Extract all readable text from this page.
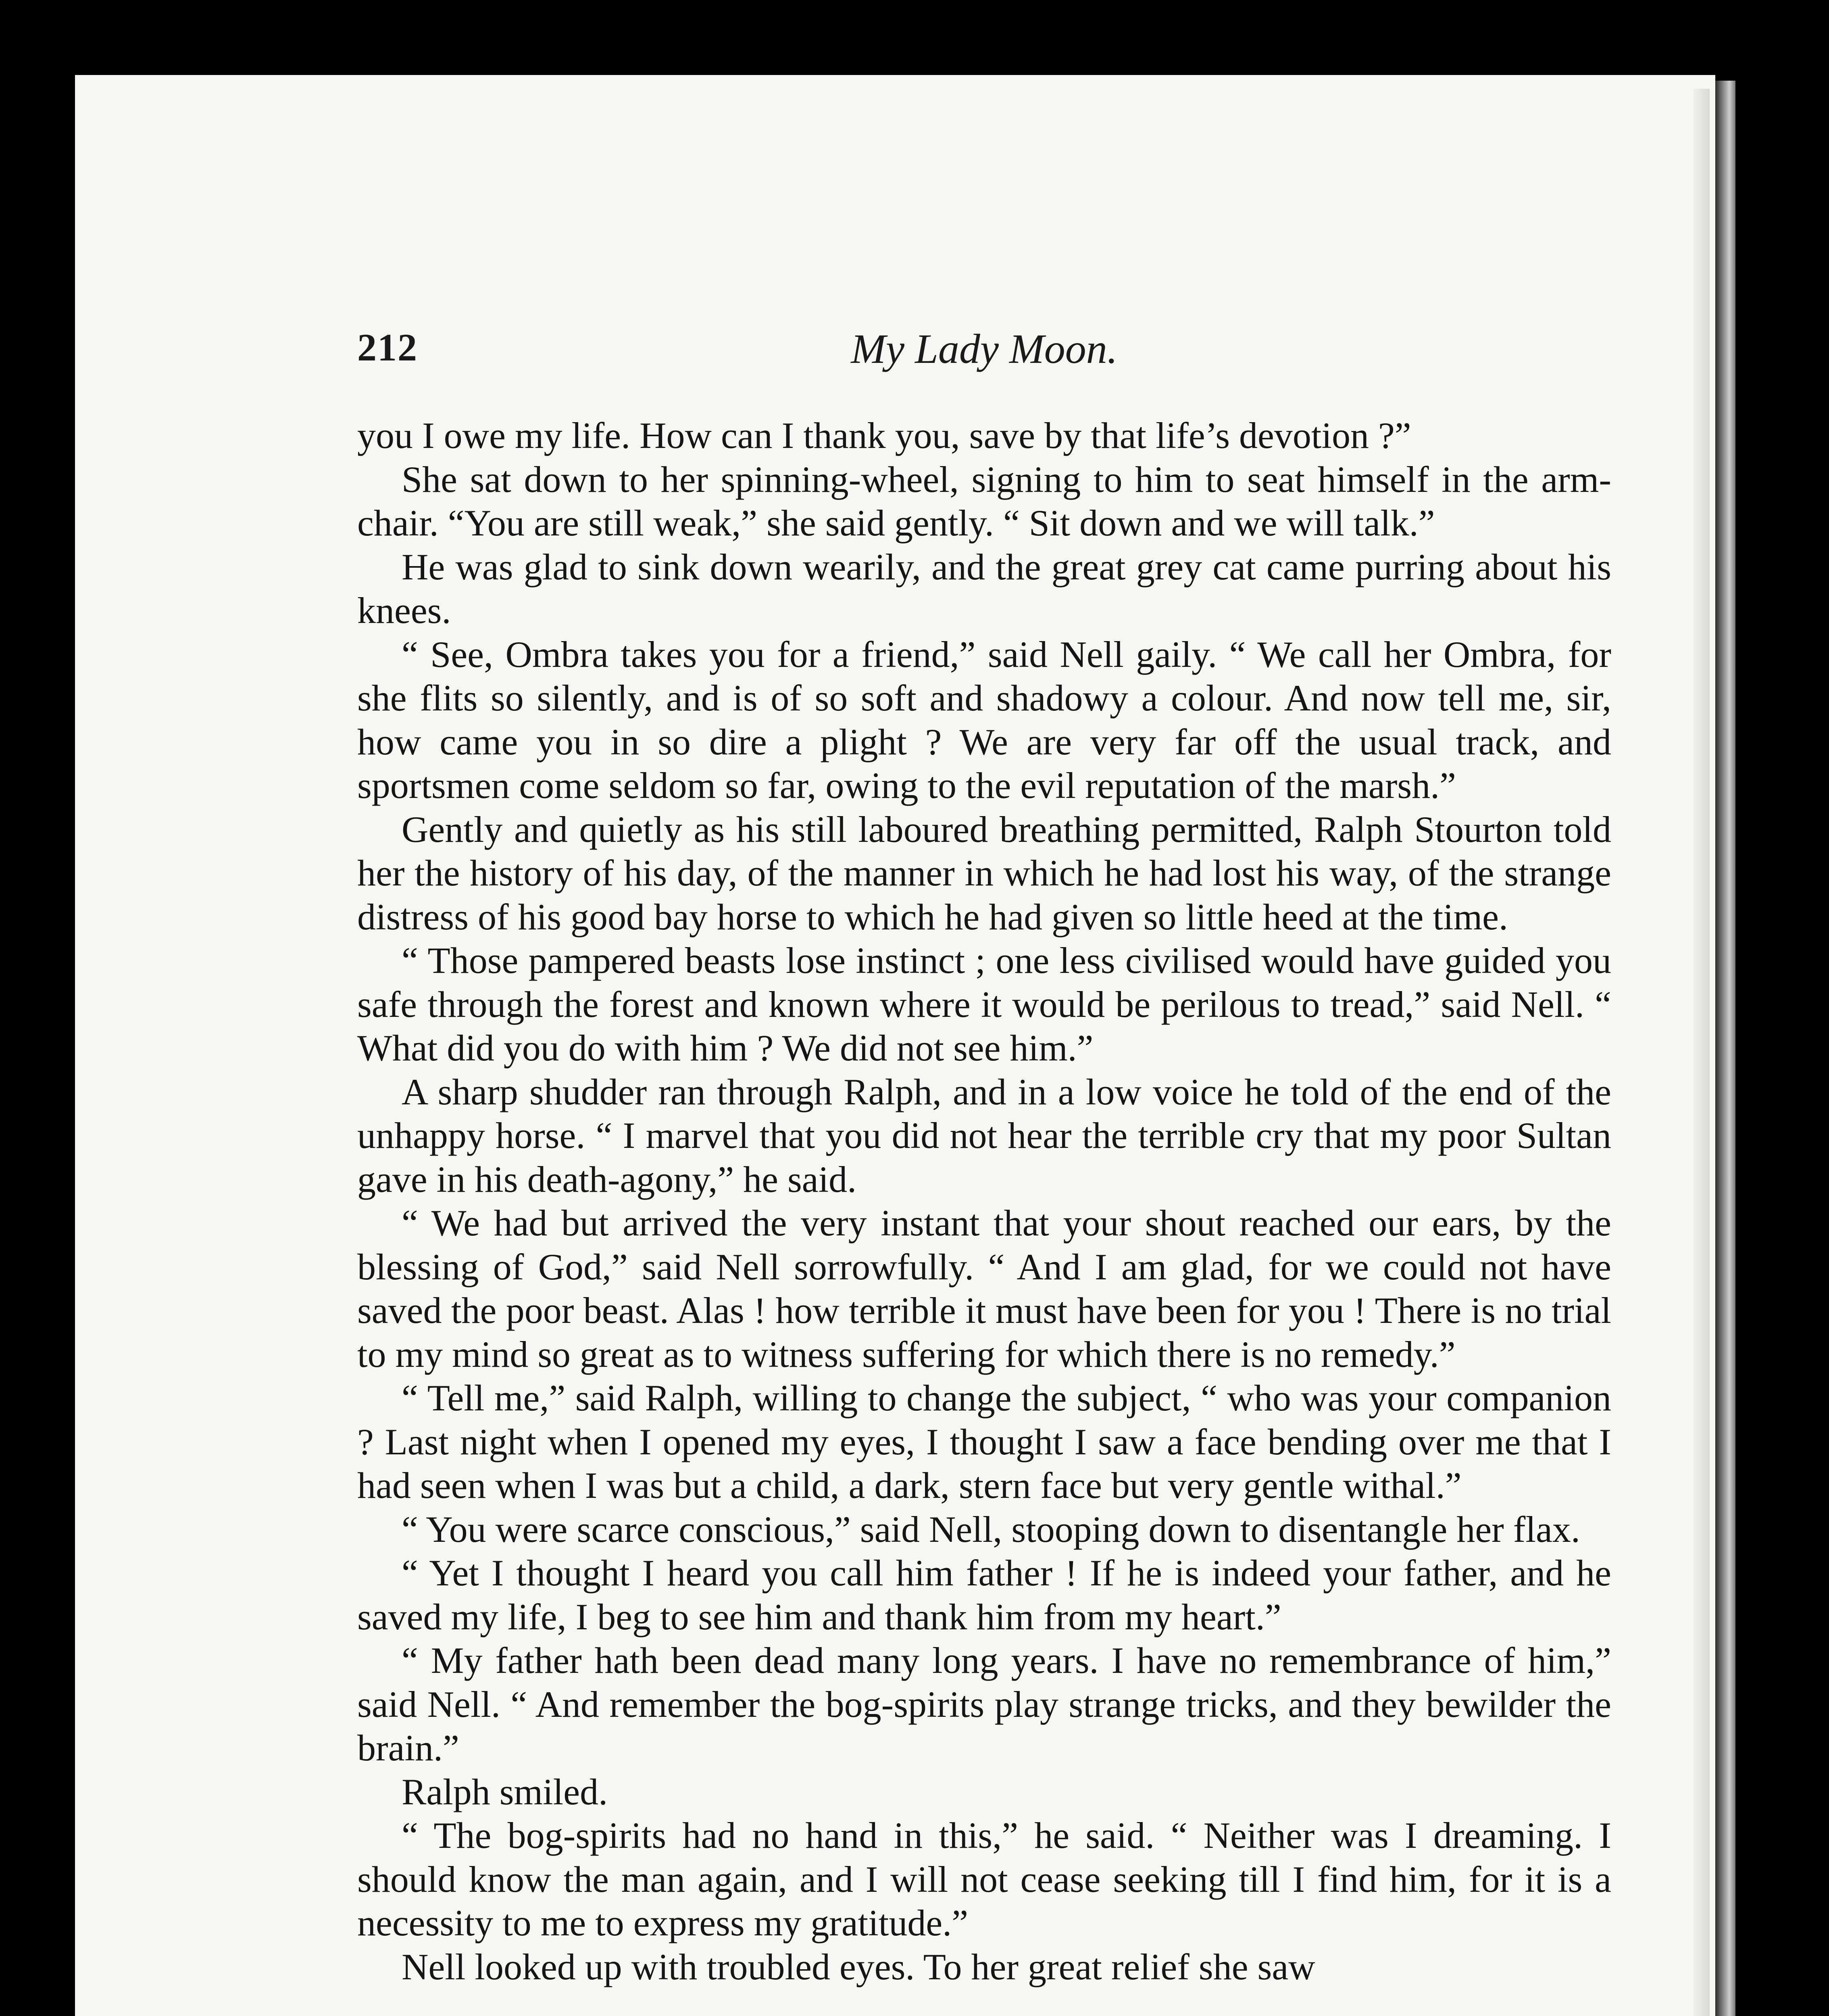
212	My Lady Moon.

you I owe my life. How can I thank you, save by that life’s devotion ?”

She sat down to her spinning-wheel, signing to him to seat himself in the arm-chair. “You are still weak,” she said gently. “ Sit down and we will talk.”

He was glad to sink down wearily, and the great grey cat came purring about his knees.

“ See, Ombra takes you for a friend,” said Nell gaily. “ We call her Ombra, for she flits so silently, and is of so soft and shadowy a colour. And now tell me, sir, how came you in so dire a plight ? We are very far off the usual track, and sportsmen come seldom so far, owing to the evil reputation of the marsh.”

Gently and quietly as his still laboured breathing permitted, Ralph Stourton told her the history of his day, of the manner in which he had lost his way, of the strange distress of his good bay horse to which he had given so little heed at the time.

“ Those pampered beasts lose instinct ; one less civilised would have guided you safe through the forest and known where it would be perilous to tread,” said Nell. “ What did you do with him ? We did not see him.”

A sharp shudder ran through Ralph, and in a low voice he told of the end of the unhappy horse. “ I marvel that you did not hear the terrible cry that my poor Sultan gave in his death-agony,” he said.

“ We had but arrived the very instant that your shout reached our ears, by the blessing of God,” said Nell sorrowfully. “ And I am glad, for we could not have saved the poor beast. Alas ! how terrible it must have been for you ! There is no trial to my mind so great as to witness suffering for which there is no remedy.”

“ Tell me,” said Ralph, willing to change the subject, “ who was your companion ? Last night when I opened my eyes, I thought I saw a face bending over me that I had seen when I was but a child, a dark, stern face but very gentle withal.”

“ You were scarce conscious,” said Nell, stooping down to disentangle her flax.

“ Yet I thought I heard you call him father ! If he is indeed your father, and he saved my life, I beg to see him and thank him from my heart.”

“ My father hath been dead many long years. I have no remembrance of him,” said Nell. “ And remember the bog-spirits play strange tricks, and they bewilder the brain.”

Ralph smiled.

“ The bog-spirits had no hand in this,” he said. “ Neither was I dreaming. I should know the man again, and I will not cease seeking till I find him, for it is a necessity to me to express my gratitude.”

Nell looked up with troubled eyes. To her great relief she saw
